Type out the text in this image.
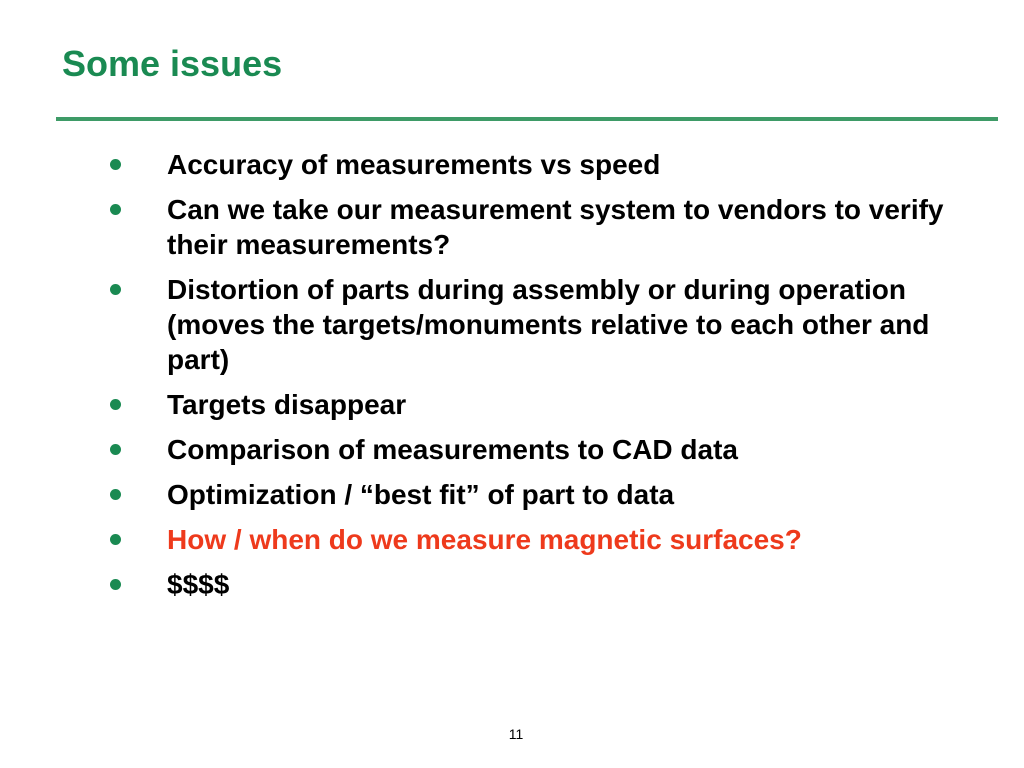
Some issues
Accuracy of measurements vs speed
Can we take our measurement system to vendors to verify their measurements?
Distortion of parts during assembly or during operation (moves the targets/monuments relative to each other and part)
Targets disappear
Comparison of measurements to CAD data
Optimization / “best fit” of part to data
How / when do we measure magnetic surfaces?
$$$$
11
